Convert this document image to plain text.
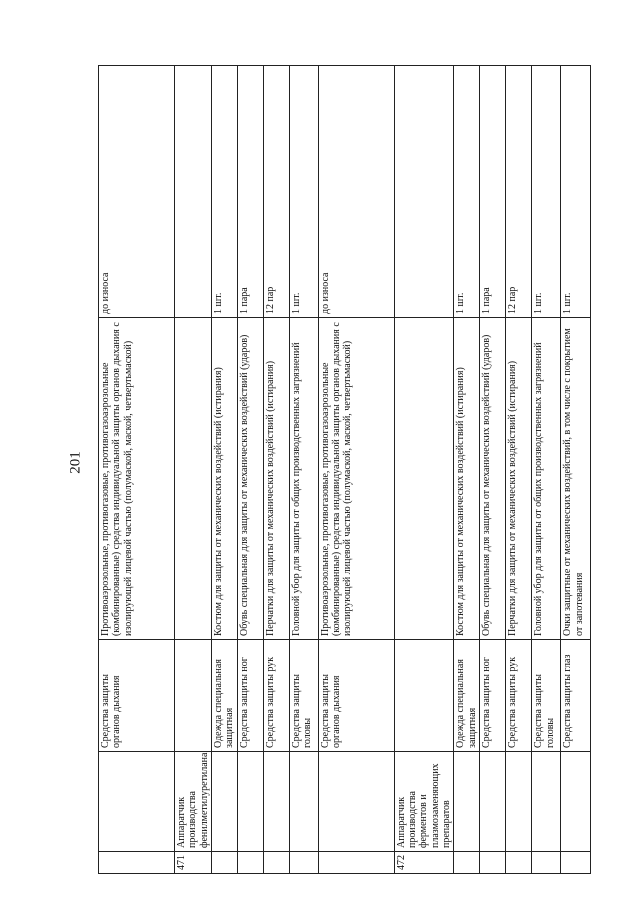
201
		Средства защиты органов дыхания	Противоаэрозольные, противогазовые, противогазоаэрозольные (комбинированные) средства индивидуальной защиты органов дыхания с изолирующей лицевой частью (полумаской, маской, четвертьмаской)	до износа
471	Аппаратчик производства фенилметилуретилана			
		Одежда специальная защитная	Костюм для защиты от механических воздействий (истирания)	1 шт.
		Средства защиты ног	Обувь специальная для защиты от механических воздействий (ударов)	1 пара
		Средства защиты рук	Перчатки для защиты от механических воздействий (истирания)	12 пар
		Средства защиты головы	Головной убор для защиты от общих производственных загрязнений	1 шт.
		Средства защиты органов дыхания	Противоаэрозольные, противогазовые, противогазоаэрозольные (комбинированные) средства индивидуальной защиты органов дыхания с изолирующей лицевой частью (полумаской, маской, четвертьмаской)	до износа
472	Аппаратчик производства ферментов и плазмозаменяющих препаратов			
		Одежда специальная защитная	Костюм для защиты от механических воздействий (истирания)	1 шт.
		Средства защиты ног	Обувь специальная для защиты от механических воздействий (ударов)	1 пара
		Средства защиты рук	Перчатки для защиты от механических воздействий (истирания)	12 пар
		Средства защиты головы	Головной убор для защиты от общих производственных загрязнений	1 шт.
		Средства защиты глаз	Очки защитные от механических воздействий, в том числе с покрытием от запотевания	1 шт.
